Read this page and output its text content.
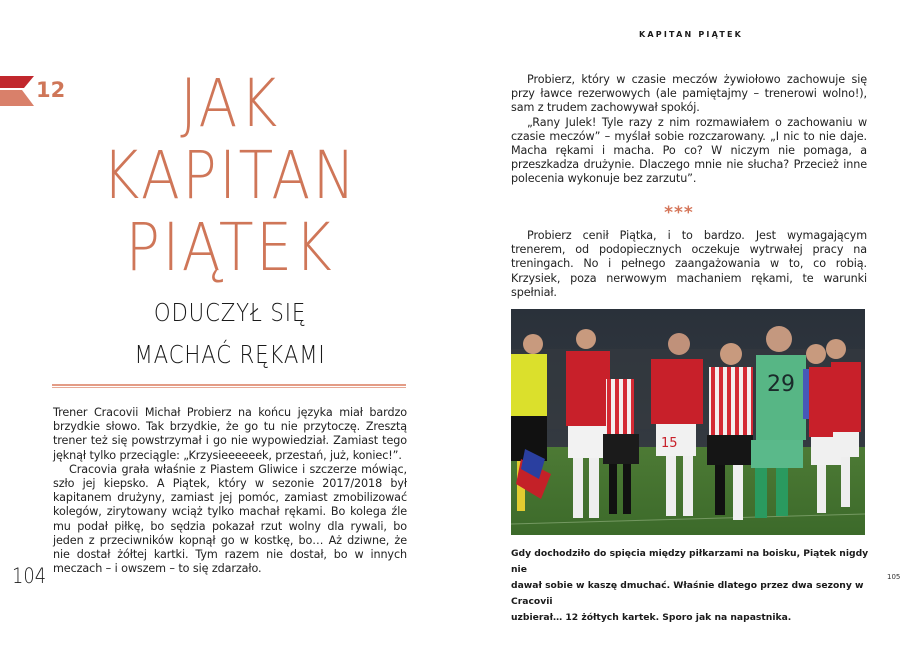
12	JAK
KAPITAN
PIĄTEK
ODUCZYŁ SIĘ
MACHAĆ RĘKAMI

Trener Cracovii Michał Probierz na końcu języka miał bardzo brzydkie słowo. Tak brzydkie, że go tu nie przytoczę. Zresztą trener też się powstrzymał i go nie wypowiedział. Zamiast tego jęknął tylko przeciągle: „Krzysieeeeeek, przestań, już, koniec!”.

Cracovia grała właśnie z Piastem Gliwice i szczerze mówiąc, szło jej kiepsko. A Piątek, który w sezonie 2017/2018 był kapitanem drużyny, zamiast jej pomóc, zamiast zmobilizować kolegów, zirytowany wciąż tylko machał rękami. Bo kolega źle mu podał piłkę, bo sędzia pokazał rzut wolny dla rywali, bo jeden z przeciwników kopnął go w kostkę, bo… Aż dziwne, że nie dostał żółtej kartki. Tym razem nie dostał, bo w innych meczach – i owszem – to się zdarzało.

104
KAPITAN PIĄTEK

Probierz, który w czasie meczów żywiołowo zachowuje się przy ławce rezerwowych (ale pamiętajmy – trenerowi wolno!), sam z trudem zachowywał spokój.

„Rany Julek! Tyle razy z nim rozmawiałem o zachowaniu w czasie meczów” – myślał sobie rozczarowany. „I nic to nie daje. Macha rękami i macha. Po co? W niczym nie pomaga, a przeszkadza drużynie. Dlaczego mnie nie słucha? Przecież inne polecenia wykonuje bez zarzutu”.

***

Probierz cenił Piątka, i to bardzo. Jest wymagającym trenerem, od podopiecznych oczekuje wytrwałej pracy na treningach. No i pełnego zaangażowania w to, co robią. Krzysiek, poza nerwowym machaniem rękami, te warunki spełniał.

15
29

Gdy dochodziło do spięcia między piłkarzami na boisku, Piątek nigdy nie

dawał sobie w kaszę dmuchać. Właśnie dlatego przez dwa sezony w Cracovii

uzbierał… 12 żółtych kartek. Sporo jak na napastnika.

105
